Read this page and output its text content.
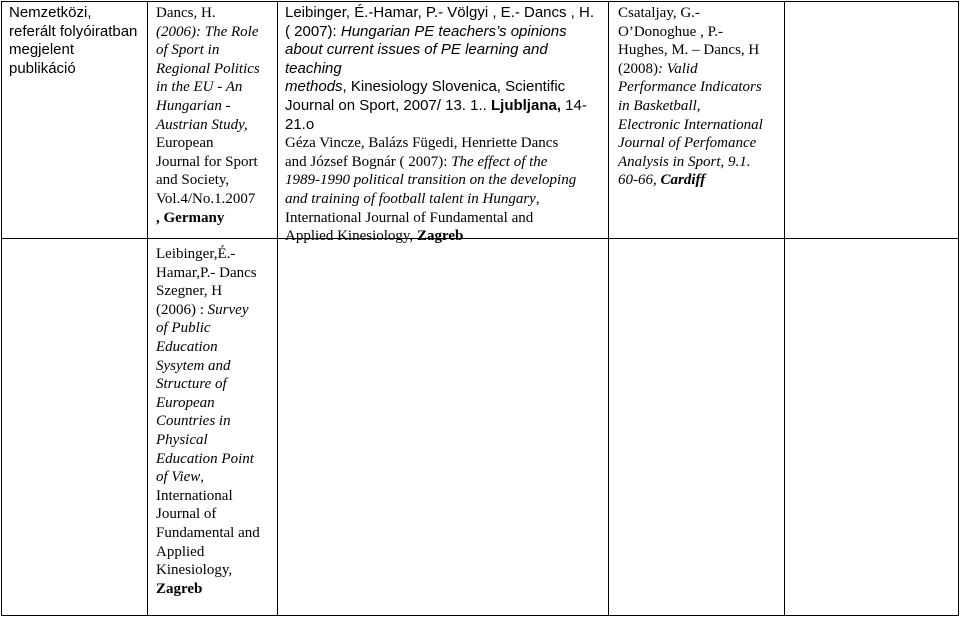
Nemzetközi,
referált folyóiratban
megjelent
publikáció
Dancs, H.
(2006): The Role
of Sport in
Regional Politics
in the EU - An
Hungarian -
Austrian Study,
European
Journal for Sport
and Society,
Vol.4/No.1.2007
, Germany
Leibinger,É.-
Hamar,P.- Dancs
Szegner, H
(2006) : Survey
of Public
Education
Sysytem and
Structure of
European
Countries in
Physical
Education Point
of View,
International
Journal of
Fundamental and
Applied
Kinesiology,
Zagreb
Leibinger, É.-Hamar, P.- Völgyi , E.- Dancs , H.
( 2007): Hungarian PE teachers’s opinions
about current issues of PE learning and teaching
methods, Kinesiology Slovenica, Scientific
Journal on Sport, 2007/ 13. 1.. Ljubljana, 14-
21.o
Géza Vincze, Balázs Fügedi, Henriette Dancs
and József Bognár ( 2007): The effect of the
1989-1990 political transition on the developing
and training of football talent in Hungary,
International Journal of Fundamental and
Applied Kinesiology, Zagreb
Csataljay, G.-
O’Donoghue , P.-
Hughes, M. – Dancs, H
(2008): Valid
Performance Indicators
in Basketball,
Electronic International
Journal of Perfomance
Analysis in Sport, 9.1.
60-66, Cardiff
